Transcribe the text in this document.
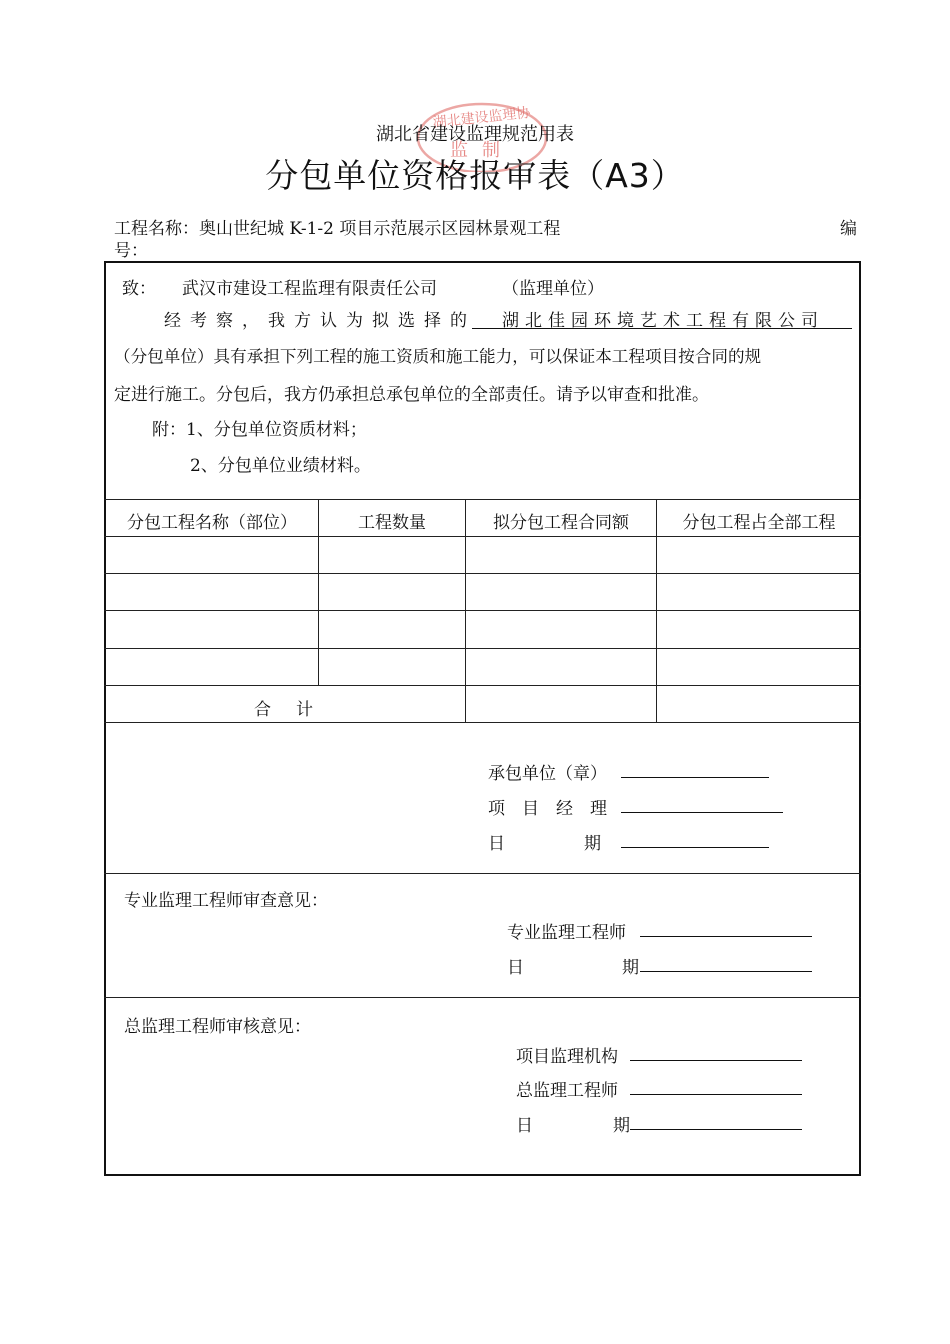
湖北建设监理协
监制
湖北省建设监理规范用表
分包单位资格报审表（A3）
工程名称：奥山世纪城 K-1-2 项目示范展示区园林景观工程	编
号：
致： 武汉市建设工程监理有限责任公司	（监理单位）
经考察，我方认为拟选择的	湖北佳园环境艺术工程有限公司
（分包单位）具有承担下列工程的施工资质和施工能力，可以保证本工程项目按合同的规
定进行施工。分包后，我方仍承担总承包单位的全部责任。请予以审查和批准。
附：1、分包单位资质材料；
2、分包单位业绩材料。
分包工程名称（部位）	工程数量	拟分包工程合同额	分包工程占全部工程
合　计
承包单位（章）
项　目　经　理
日	期
专业监理工程师审查意见：
专业监理工程师
日	期
总监理工程师审核意见：
项目监理机构
总监理工程师
日	期
